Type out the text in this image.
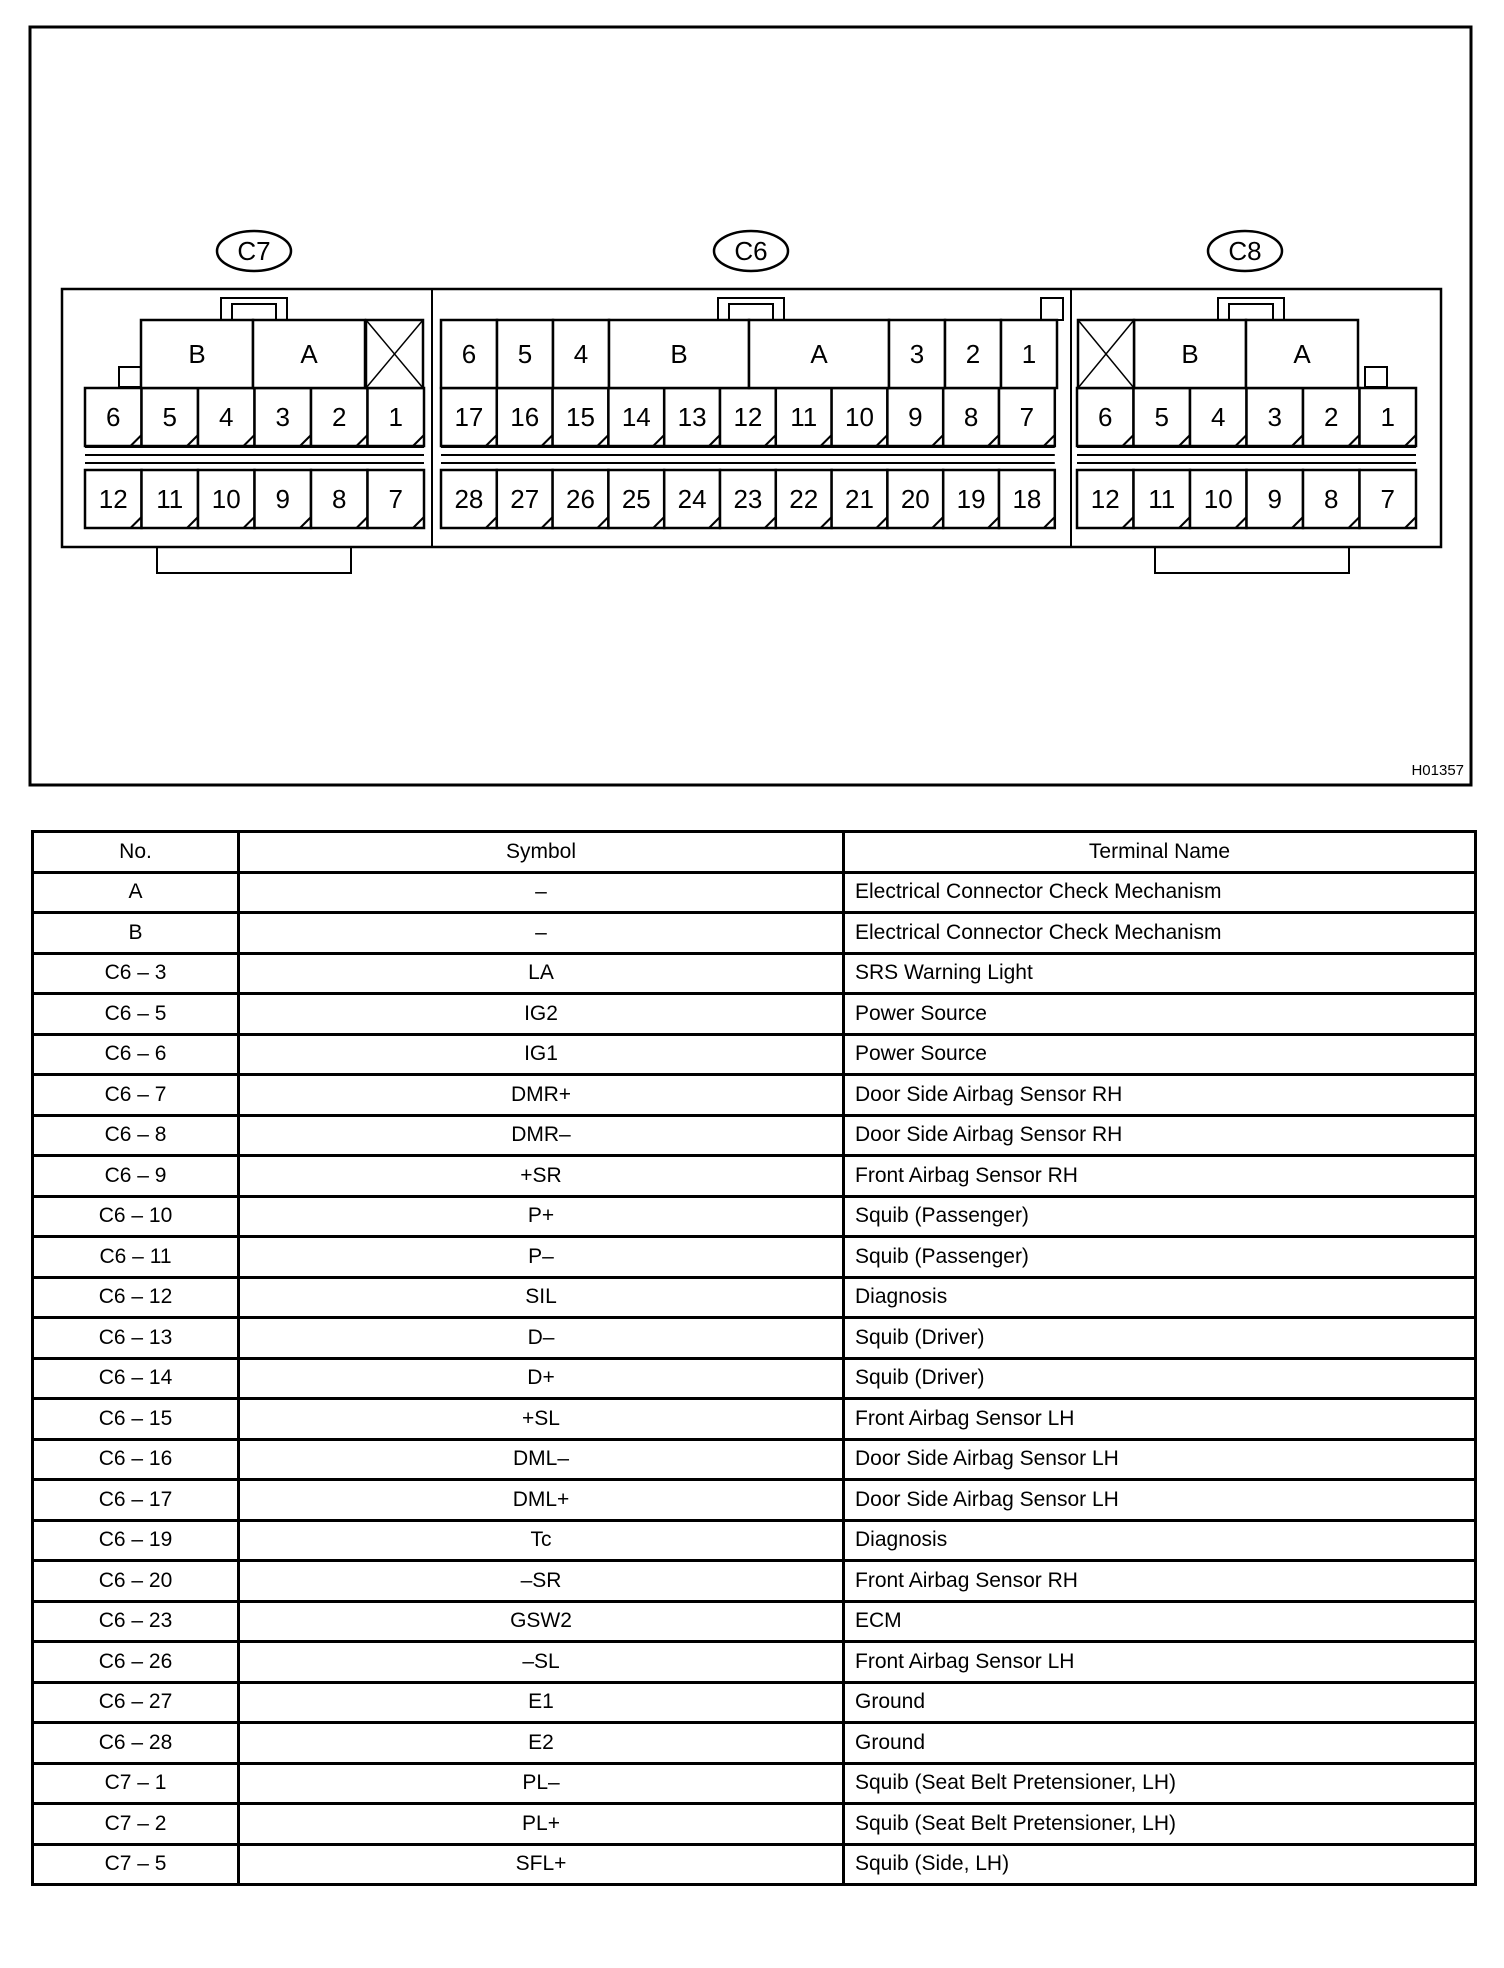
C7	C6	C8
H01357
6
12
5
11
4
10
3
9
2
8
1
7
B	A
6
12
5
11
4
10
3
9
2
8
1
7
B	A
17
28
16
27
15
26
14
25
13
24
12
23
11
22
10
21
9
20
8
19
7
18
6 5 4	B	A	3 2 1
No.	Symbol	Terminal Name
A	–	Electrical Connector Check Mechanism
B	–	Electrical Connector Check Mechanism
C6 – 3	LA	SRS Warning Light
C6 – 5	IG2	Power Source
C6 – 6	IG1	Power Source
C6 – 7	DMR+	Door Side Airbag Sensor RH
C6 – 8	DMR–	Door Side Airbag Sensor RH
C6 – 9	+SR	Front Airbag Sensor RH
C6 – 10	P+	Squib (Passenger)
C6 – 11	P–	Squib (Passenger)
C6 – 12	SIL	Diagnosis
C6 – 13	D–	Squib (Driver)
C6 – 14	D+	Squib (Driver)
C6 – 15	+SL	Front Airbag Sensor LH
C6 – 16	DML–	Door Side Airbag Sensor LH
C6 – 17	DML+	Door Side Airbag Sensor LH
C6 – 19	Tc	Diagnosis
C6 – 20	–SR	Front Airbag Sensor RH
C6 – 23	GSW2	ECM
C6 – 26	–SL	Front Airbag Sensor LH
C6 – 27	E1	Ground
C6 – 28	E2	Ground
C7 – 1	PL–	Squib (Seat Belt Pretensioner, LH)
C7 – 2	PL+	Squib (Seat Belt Pretensioner, LH)
C7 – 5	SFL+	Squib (Side, LH)
